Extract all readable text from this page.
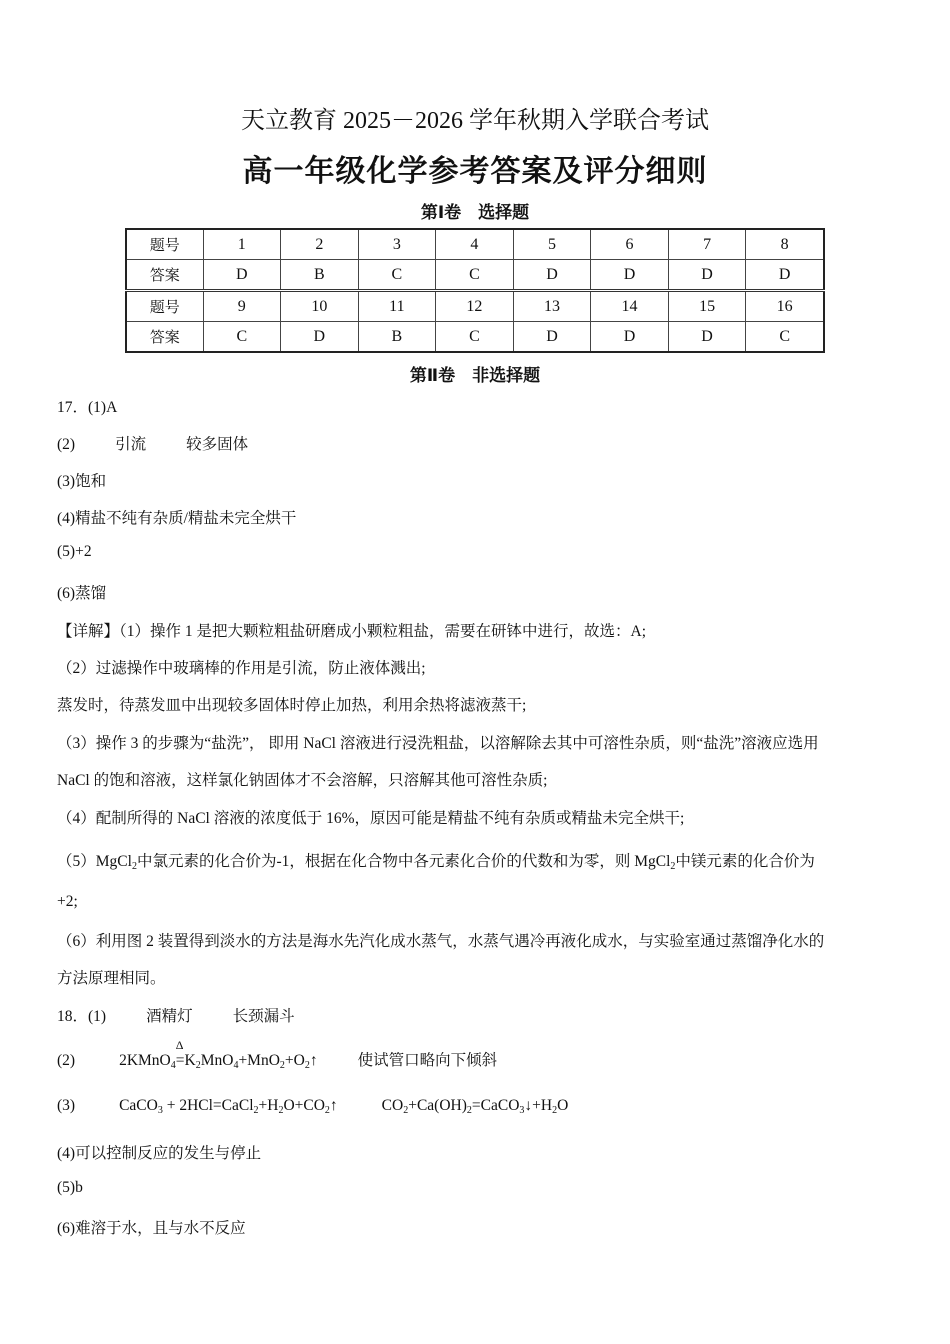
天立教育 2025－2026 学年秋期入学联合考试
高一年级化学参考答案及评分细则
第Ⅰ卷　选择题
题号	1	2	3	4	5	6	7	8
答案	D	B	C	C	D	D	D	D
题号	9	10	11	12	13	14	15	16
答案	C	D	B	C	D	D	D	C
第Ⅱ卷　非选择题
17．(1)A
(2)	引流	较多固体
(3)饱和
(4)精盐不纯有杂质/精盐未完全烘干
(5)+2
(6)蒸馏
【详解】（1）操作 1 是把大颗粒粗盐研磨成小颗粒粗盐，需要在研钵中进行，故选：A;
（2）过滤操作中玻璃棒的作用是引流，防止液体溅出;
蒸发时，待蒸发皿中出现较多固体时停止加热，利用余热将滤液蒸干;
（3）操作 3 的步骤为“盐洗”， 即用 NaCl 溶液进行浸洗粗盐，以溶解除去其中可溶性杂质，则“盐洗”溶液应选用
NaCl 的饱和溶液，这样氯化钠固体才不会溶解，只溶解其他可溶性杂质;
（4）配制所得的 NaCl 溶液的浓度低于 16%，原因可能是精盐不纯有杂质或精盐未完全烘干;
（5）MgCl$_2$中氯元素的化合价为-1，根据在化合物中各元素化合价的代数和为零，则 MgCl$_2$中镁元素的化合价为
+2;
（6）利用图 2 装置得到淡水的方法是海水先汽化成水蒸气，水蒸气遇冷再液化成水，与实验室通过蒸馏净化水的
方法原理相同。
18．(1)	酒精灯	长颈漏斗
(2)	2KMnO$_4$
Δ
$=K_2MnO_4+MnO_2+O_2↑$	使试管口略向下倾斜
(3)	CaCO$_3$ + $2HCl=CaCl_2+H_2O+CO_2↑$	$CO_2+Ca(OH)_2=CaCO_3↓+H_2O$
(4)可以控制反应的发生与停止
(5)b
(6)难溶于水，且与水不反应
